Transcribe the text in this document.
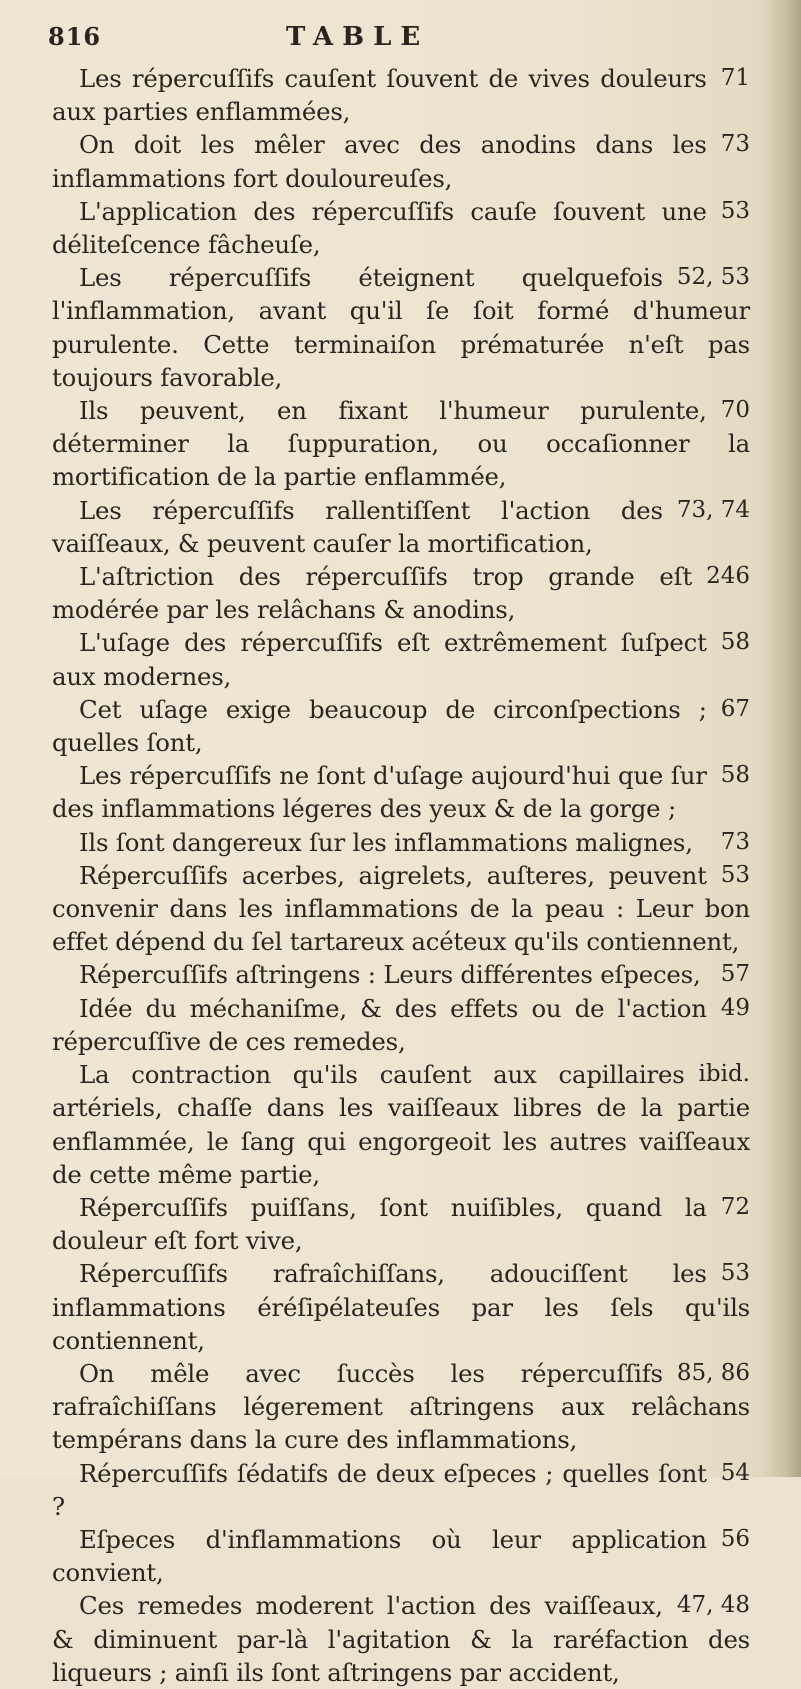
816	TABLE

71
Les répercuſſifs cauſent ſouvent de vives douleurs aux parties enflammées,

73
On doit les mêler avec des anodins dans les inflammations fort douloureuſes,

53
L'application des répercuſſifs cauſe ſouvent une déliteſcence fâcheuſe,

52, 53
Les répercuſſifs éteignent quelquefois l'inflammation, avant qu'il ſe ſoit formé d'humeur purulente. Cette terminaiſon prématurée n'eſt pas toujours favorable,

70
Ils peuvent, en fixant l'humeur purulente, déterminer la ſuppuration, ou occaſionner la mortification de la partie enflammée,

73, 74
Les répercuſſifs rallentiſſent l'action des vaiſſeaux, & peuvent cauſer la mortification,

246
L'aſtriction des répercuſſifs trop grande eſt modérée par les relâchans & anodins,

58
L'uſage des répercuſſifs eſt extrêmement ſuſpect aux modernes,

67
Cet uſage exige beaucoup de circonſpections ; quelles ſont,

58
Les répercuſſifs ne ſont d'uſage aujourd'hui que ſur des inflammations légeres des yeux & de la gorge ;

73
Ils ſont dangereux ſur les inflammations malignes,

53
Répercuſſifs acerbes, aigrelets, auſteres, peuvent convenir dans les inflammations de la peau : Leur bon effet dépend du ſel tartareux acéteux qu'ils contiennent,

57
Répercuſſifs aſtringens : Leurs différentes eſpeces,

49
Idée du méchaniſme, & des effets ou de l'action répercuſſive de ces remedes,

ibid.
La contraction qu'ils cauſent aux capillaires artériels, chaſſe dans les vaiſſeaux libres de la partie enflammée, le ſang qui engorgeoit les autres vaiſſeaux de cette même partie,

72
Répercuſſifs puiſſans, ſont nuiſibles, quand la douleur eſt fort vive,

53
Répercuſſifs rafraîchiſſans, adouciſſent les inflammations éréſipélateuſes par les ſels qu'ils contiennent,

85, 86
On mêle avec ſuccès les répercuſſifs rafraîchiſſans légerement aſtringens aux relâchans tempérans dans la cure des inflammations,

54
Répercuſſifs ſédatifs de deux eſpeces ; quelles ſont ?

56
Eſpeces d'inflammations où leur application convient,

47, 48
Ces remedes moderent l'action des vaiſſeaux, & diminuent par-là l'agitation & la raréfaction des liqueurs ; ainſi ils ſont aſtringens par accident,
